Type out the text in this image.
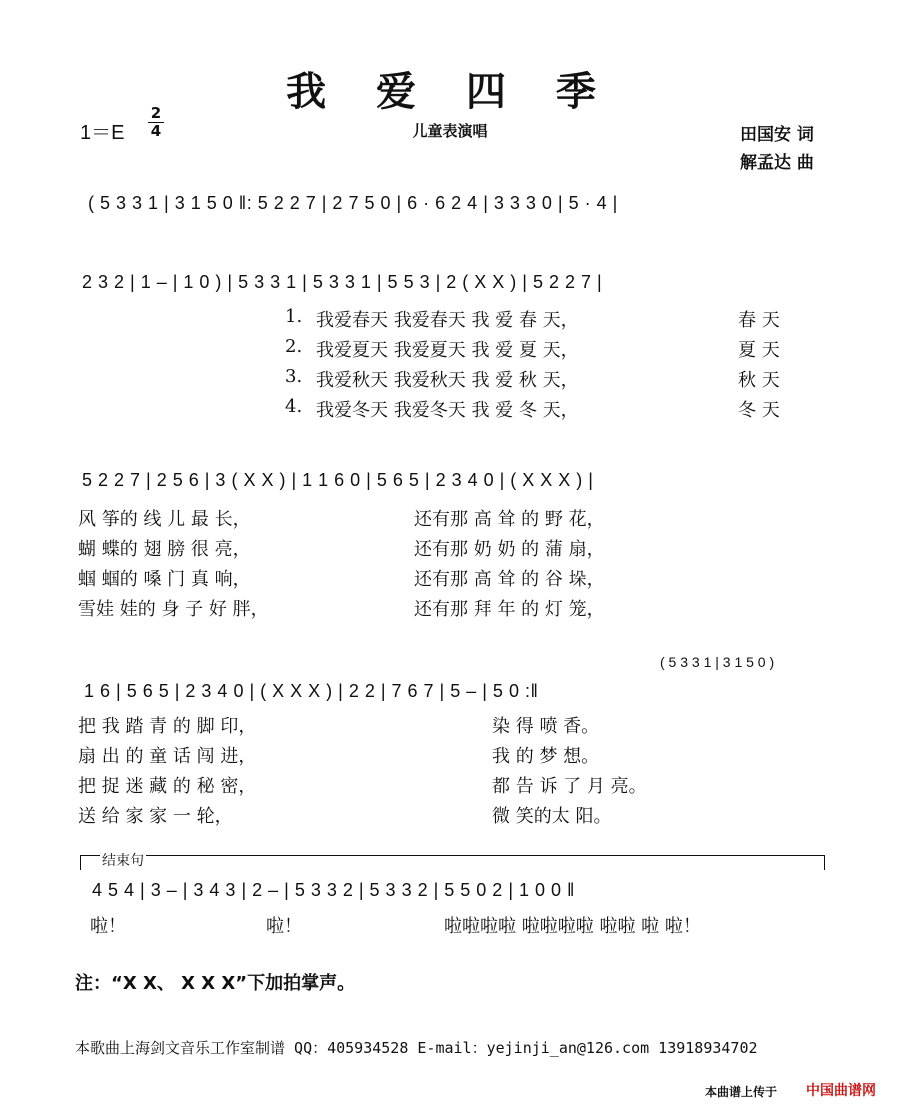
我 爱 四 季
1＝E
2
4	儿童表演唱	田国安 词
解孟达 曲
( 5 3 3 1 | 3 1 5 0 ‖: 5 2 2 7 | 2 7 5 0 | 6 · 6 2 4 | 3 3 3 0 | 5 · 4 |
2 3 2 | 1 – | 1 0 ) | 5 3 3 1 | 5 3 3 1 | 5 5 3 | 2 ( X X ) | 5 2 2 7 |
1. 我爱春天 我爱春天 我 爱 春 天，	春 天
2. 我爱夏天 我爱夏天 我 爱 夏 天，	夏 天
3. 我爱秋天 我爱秋天 我 爱 秋 天，	秋 天
4. 我爱冬天 我爱冬天 我 爱 冬 天，	冬 天
5 2 2 7 | 2 5 6 | 3 ( X X ) | 1 1 6 0 | 5 6 5 | 2 3 4 0 | ( X X X ) |
风 筝的 线 儿 最 长，	还有那 高 耸 的 野 花，
蝴 蝶的 翅 膀 很 亮，	还有那 奶 奶 的 蒲 扇，
蝈 蝈的 嗓 门 真 响，	还有那 高 耸 的 谷 垛，
雪娃 娃的 身 子 好 胖，	还有那 拜 年 的 灯 笼，
( 5 3 3 1 | 3 1 5 0 )
1 6 | 5 6 5 | 2 3 4 0 | ( X X X ) | 2 2 | 7 6 7 | 5 – | 5 0 :‖
把 我 踏 青 的 脚 印，	染 得 喷 香。
扇 出 的 童 话 闯 进，	我 的 梦 想。
把 捉 迷 藏 的 秘 密，	都 告 诉 了 月 亮。
送 给 家 家 一 轮，	微 笑的太 阳。
结束句
4 5 4 | 3 – | 3 4 3 | 2 – | 5 3 3 2 | 5 3 3 2 | 5 5 0 2 | 1 0 0 ‖
啦！	啦！	啦啦啦啦 啦啦啦啦 啦啦 啦 啦！
注：“X X、 X X X”下加拍掌声。
本歌曲上海剑文音乐工作室制谱 QQ：405934528 E-mail：yejinji_an@126.com 13918934702
本曲谱上传于 中国曲谱网
